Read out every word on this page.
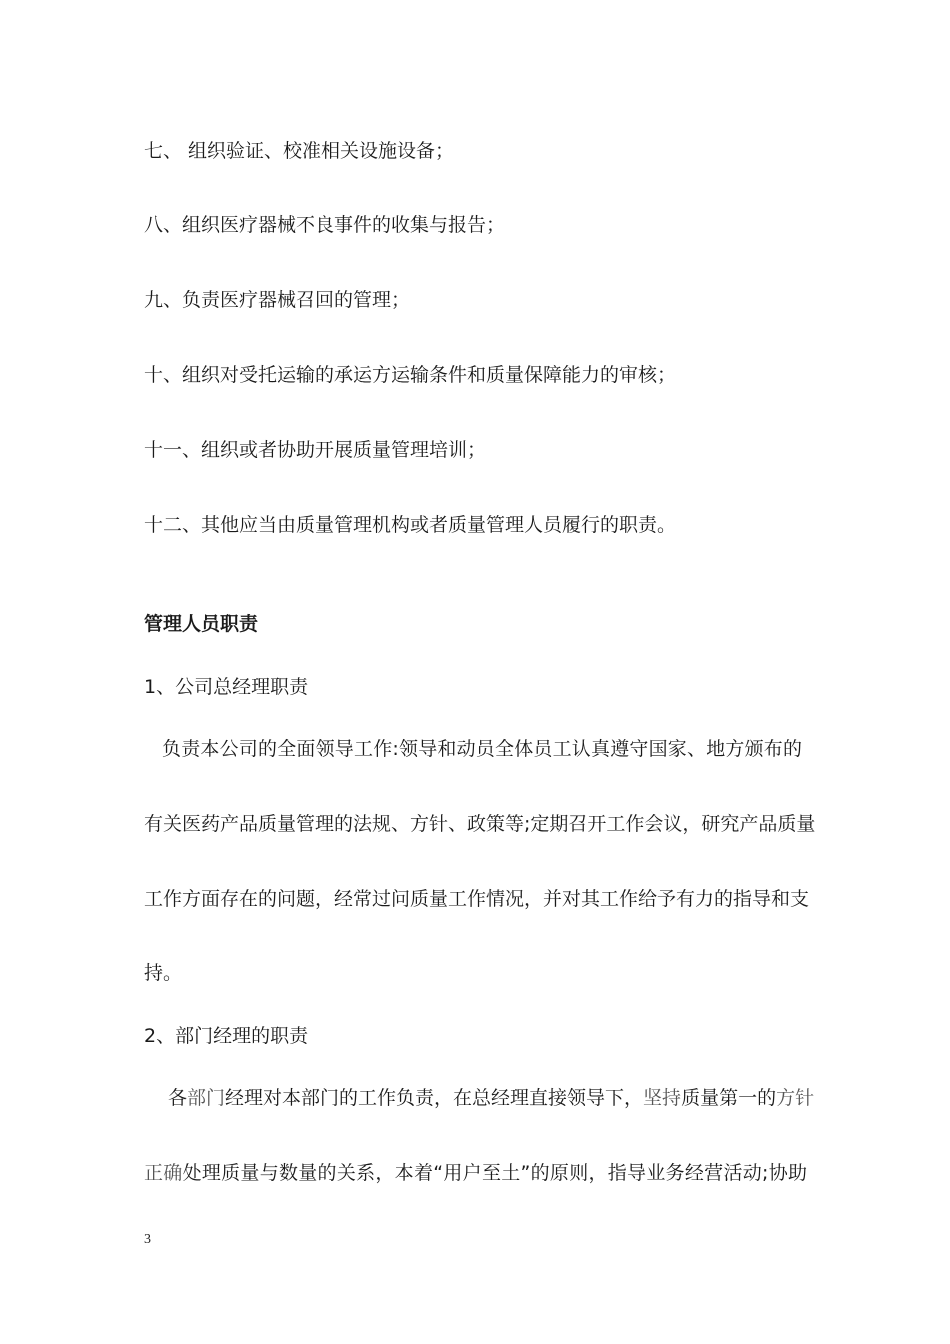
七、 组织验证、校准相关设施设备；
八、组织医疗器械不良事件的收集与报告；
九、负责医疗器械召回的管理；
十、组织对受托运输的承运方运输条件和质量保障能力的审核；
十一、组织或者协助开展质量管理培训；
十二、其他应当由质量管理机构或者质量管理人员履行的职责。
管理人员职责
1、公司总经理职责
负责本公司的全面领导工作:领导和动员全体员工认真遵守国家、地方颁布的
有关医药产品质量管理的法规、方针、政策等;定期召开工作会议，研究产品质量
工作方面存在的问题，经常过问质量工作情况，并对其工作给予有力的指导和支
持。
2、部门经理的职责
各部门经理对本部门的工作负责，在总经理直接领导下，坚持质量第一的方针
正确处理质量与数量的关系，本着“用户至土”的原则，指导业务经营活动;协助
3
